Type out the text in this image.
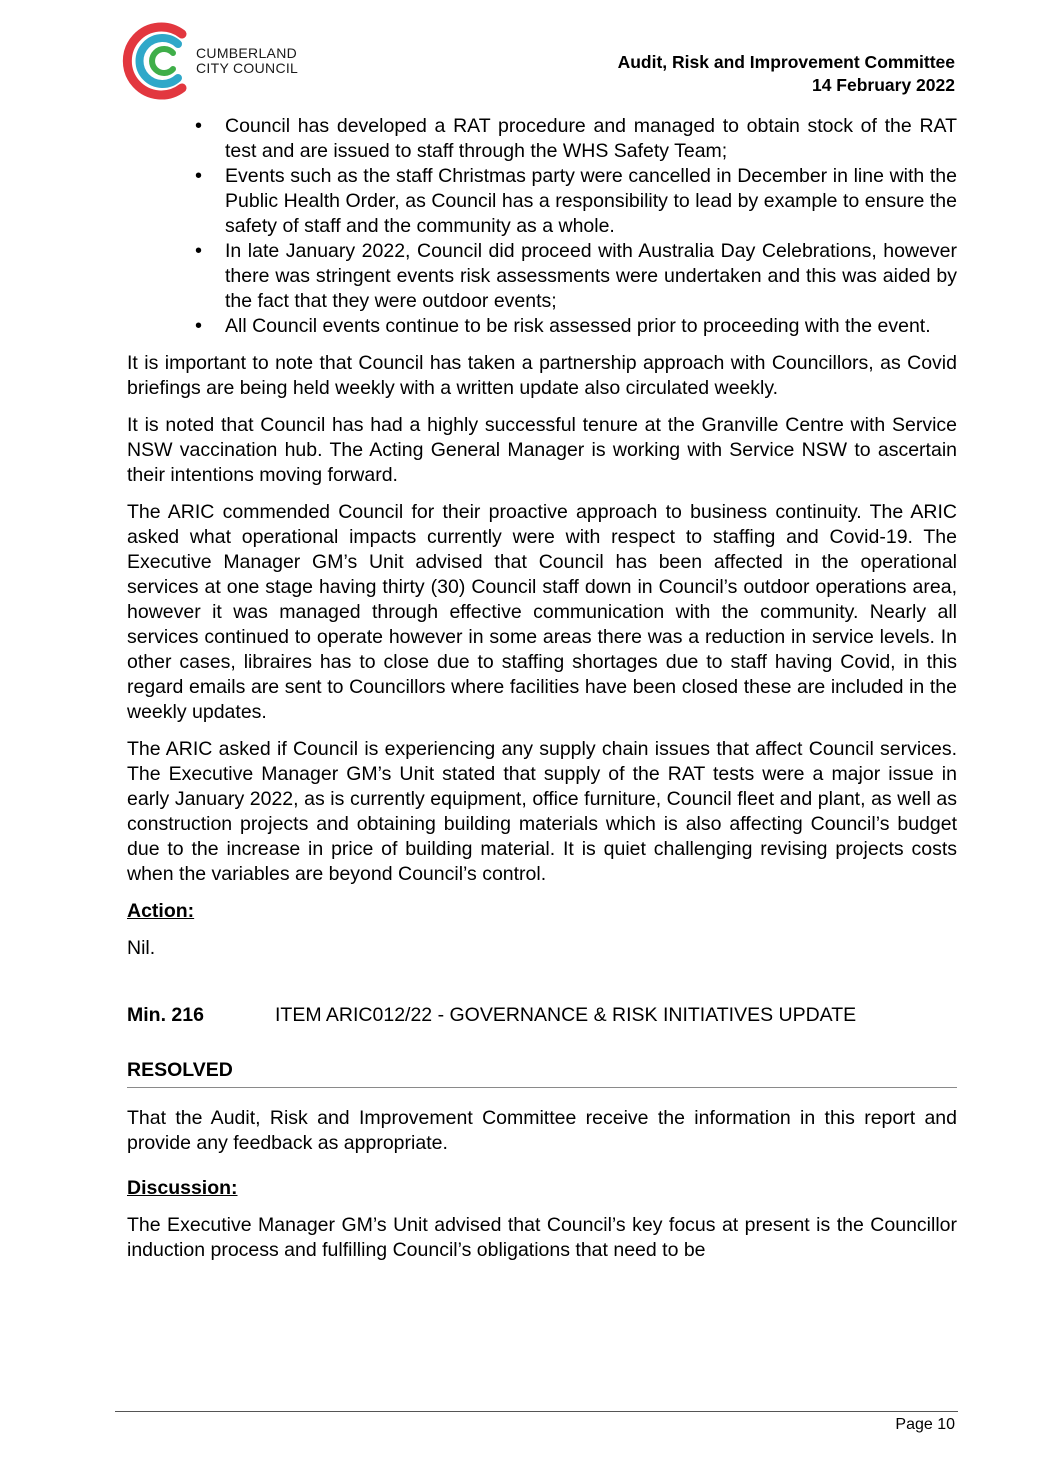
CUMBERLAND
CITY COUNCIL	Audit, Risk and Improvement Committee
14 February 2022
• Council has developed a RAT procedure and managed to obtain stock of the RAT test and are issued to staff through the WHS Safety Team;
• Events such as the staff Christmas party were cancelled in December in line with the Public Health Order, as Council has a responsibility to lead by example to ensure the safety of staff and the community as a whole.
• In late January 2022, Council did proceed with Australia Day Celebrations, however there was stringent events risk assessments were undertaken and this was aided by the fact that they were outdoor events;
• All Council events continue to be risk assessed prior to proceeding with the event.

It is important to note that Council has taken a partnership approach with Councillors, as Covid briefings are being held weekly with a written update also circulated weekly.

It is noted that Council has had a highly successful tenure at the Granville Centre with Service NSW vaccination hub. The Acting General Manager is working with Service NSW to ascertain their intentions moving forward.

The ARIC commended Council for their proactive approach to business continuity. The ARIC asked what operational impacts currently were with respect to staffing and Covid-19. The Executive Manager GM’s Unit advised that Council has been affected in the operational services at one stage having thirty (30) Council staff down in Council’s outdoor operations area, however it was managed through effective communication with the community. Nearly all services continued to operate however in some areas there was a reduction in service levels. In other cases, libraires has to close due to staffing shortages due to staff having Covid, in this regard emails are sent to Councillors where facilities have been closed these are included in the weekly updates.

The ARIC asked if Council is experiencing any supply chain issues that affect Council services. The Executive Manager GM’s Unit stated that supply of the RAT tests were a major issue in early January 2022, as is currently equipment, office furniture, Council fleet and plant, as well as construction projects and obtaining building materials which is also affecting Council’s budget due to the increase in price of building material. It is quiet challenging revising projects costs when the variables are beyond Council’s control.

Action:

Nil.

Min. 216	ITEM ARIC012/22 - GOVERNANCE & RISK INITIATIVES UPDATE
RESOLVED

That the Audit, Risk and Improvement Committee receive the information in this report and provide any feedback as appropriate.

Discussion:

The Executive Manager GM’s Unit advised that Council’s key focus at present is the Councillor induction process and fulfilling Council’s obligations that need to be

Page 10
